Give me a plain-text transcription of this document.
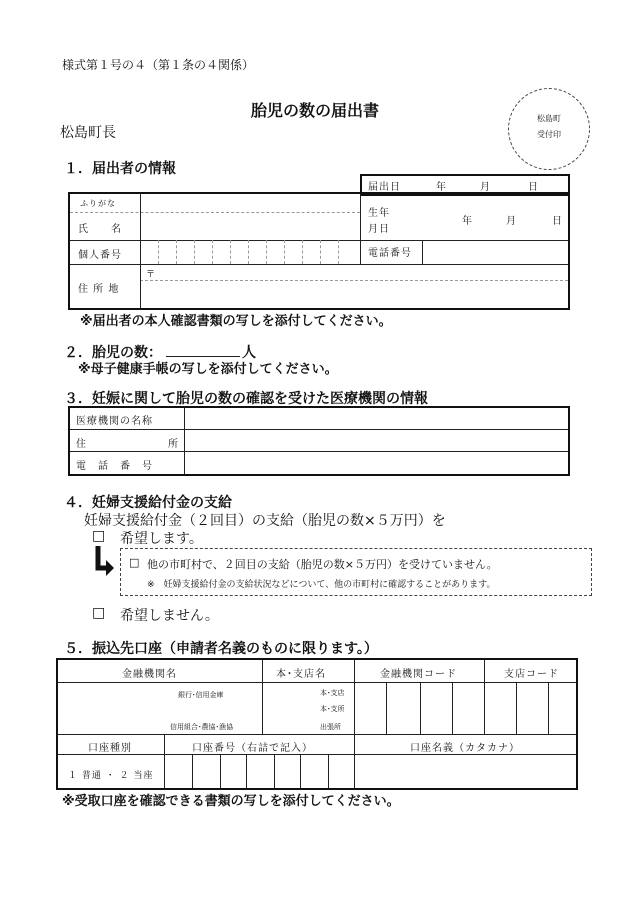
様式第１号の４（第１条の４関係）
胎児の数の届出書
松島町長
松島町
受付印
１．届出者の情報
届出日	年	月	日
ふりがな
氏　　名
生年
月日
年	月	日
個人番号	電話番号
〒
住 所 地
※届出者の本人確認書類の写しを添付してください。
２．胎児の数：	人
※母子健康手帳の写しを添付してください。
３．妊娠に関して胎児の数の確認を受けた医療機関の情報
医療機関の名称
住	所
電　話　番　号
４．妊婦支援給付金の支給
妊婦支援給付金（２回目）の支給（胎児の数×５万円）を
□ 希望します。
□ 他の市町村で、２回目の支給（胎児の数×５万円）を受けていません。
※　妊婦支援給付金の支給状況などについて、他の市町村に確認することがあります。
□ 希望しません。
５．振込先口座（申請者名義のものに限ります。）
金融機関名	本･支店名	金融機関コード	支店コード
銀行･信用金庫
信用組合･農協･漁協
本･支店
本･支所
出張所
口座種別	口座番号（右詰で記入）	口座名義（カタカナ）
１ 普通 ・ ２ 当座
※受取口座を確認できる書類の写しを添付してください。
